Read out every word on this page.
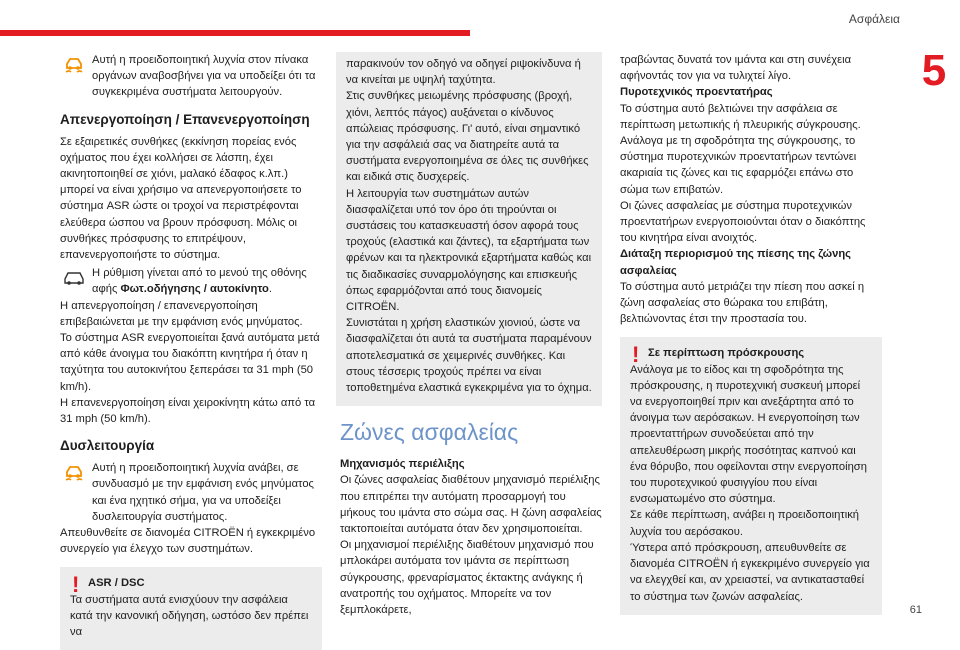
Ασφάλεια
5

Αυτή η προειδοποιητική λυχνία στον πίνακα οργάνων αναβοσβήνει για να υποδείξει ότι τα συγκεκριμένα συστήματα λειτουργούν.

Απενεργοποίηση / Επανενεργοποίηση

Σε εξαιρετικές συνθήκες (εκκίνηση πορείας ενός οχήματος που έχει κολλήσει σε λάσπη, έχει ακινητοποιηθεί σε χιόνι, μαλακό έδαφος κ.λπ.) μπορεί να είναι χρήσιμο να απενεργοποιήσετε το σύστημα ASR ώστε οι τροχοί να περιστρέφονται ελεύθερα ώσπου να βρουν πρόσφυση. Μόλις οι συνθήκες πρόσφυσης το επιτρέψουν, επανενεργοποιήστε το σύστημα.

Η ρύθμιση γίνεται από το μενού της οθόνης αφής Φωτ.οδήγησης / αυτοκίνητο.

Η απενεργοποίηση / επανενεργοποίηση επιβεβαιώνεται με την εμφάνιση ενός μηνύματος.

Το σύστημα ASR ενεργοποιείται ξανά αυτόματα μετά από κάθε άνοιγμα του διακόπτη κινητήρα ή όταν η ταχύτητα του αυτοκινήτου ξεπεράσει τα 31 mph (50 km/h).

Η επανενεργοποίηση είναι χειροκίνητη κάτω από τα 31 mph (50 km/h).

Δυσλειτουργία

Αυτή η προειδοποιητική λυχνία ανάβει, σε συνδυασμό με την εμφάνιση ενός μηνύματος και ένα ηχητικό σήμα, για να υποδείξει δυσλειτουργία συστήματος.

Απευθυνθείτε σε διανομέα CITROËN ή εγκεκριμένο συνεργείο για έλεγχο των συστημάτων.

! ASR / DSC

Τα συστήματα αυτά ενισχύουν την ασφάλεια κατά την κανονική οδήγηση, ωστόσο δεν πρέπει να

παρακινούν τον οδηγό να οδηγεί ριψοκίνδυνα ή να κινείται με υψηλή ταχύτητα.

Στις συνθήκες μειωμένης πρόσφυσης (βροχή, χιόνι, λεπτός πάγος) αυξάνεται ο κίνδυνος απώλειας πρόσφυσης. Γι' αυτό, είναι σημαντικό για την ασφάλειά σας να διατηρείτε αυτά τα συστήματα ενεργοποιημένα σε όλες τις συνθήκες και ειδικά στις δυσχερείς.

Η λειτουργία των συστημάτων αυτών διασφαλίζεται υπό τον όρο ότι τηρούνται οι συστάσεις του κατασκευαστή όσον αφορά τους τροχούς (ελαστικά και ζάντες), τα εξαρτήματα των φρένων και τα ηλεκτρονικά εξαρτήματα καθώς και τις διαδικασίες συναρμολόγησης και επισκευής όπως εφαρμόζονται από τους διανομείς CITROËN.

Συνιστάται η χρήση ελαστικών χιονιού, ώστε να διασφαλίζεται ότι αυτά τα συστήματα παραμένουν αποτελεσματικά σε χειμερινές συνθήκες. Και στους τέσσερις τροχούς πρέπει να είναι τοποθετημένα ελαστικά εγκεκριμένα για το όχημα.

Ζώνες ασφαλείας
Μηχανισμός περιέλιξης

Οι ζώνες ασφαλείας διαθέτουν μηχανισμό περιέλιξης που επιτρέπει την αυτόματη προσαρμογή του μήκους του ιμάντα στο σώμα σας. Η ζώνη ασφαλείας τακτοποιείται αυτόματα όταν δεν χρησιμοποιείται.

Οι μηχανισμοί περιέλιξης διαθέτουν μηχανισμό που μπλοκάρει αυτόματα τον ιμάντα σε περίπτωση σύγκρουσης, φρεναρίσματος έκτακτης ανάγκης ή ανατροπής του οχήματος. Μπορείτε να τον ξεμπλοκάρετε,

τραβώντας δυνατά τον ιμάντα και στη συνέχεια αφήνοντάς τον για να τυλιχτεί λίγο.

Πυροτεχνικός προεντατήρας

Το σύστημα αυτό βελτιώνει την ασφάλεια σε περίπτωση μετωπικής ή πλευρικής σύγκρουσης.

Ανάλογα με τη σφοδρότητα της σύγκρουσης, το σύστημα πυροτεχνικών προεντατήρων τεντώνει ακαριαία τις ζώνες και τις εφαρμόζει επάνω στο σώμα των επιβατών.

Οι ζώνες ασφαλείας με σύστημα πυροτεχνικών προεντατήρων ενεργοποιούνται όταν ο διακόπτης του κινητήρα είναι ανοιχτός.

Διάταξη περιορισμού της πίεσης της ζώνης ασφαλείας

Το σύστημα αυτό μετριάζει την πίεση που ασκεί η ζώνη ασφαλείας στο θώρακα του επιβάτη, βελτιώνοντας έτσι την προστασία του.

! Σε περίπτωση πρόσκρουσης

Ανάλογα με το είδος και τη σφοδρότητα της πρόσκρουσης, η πυροτεχνική συσκευή μπορεί να ενεργοποιηθεί πριν και ανεξάρτητα από το άνοιγμα των αερόσακων. Η ενεργοποίηση των προενταττήρων συνοδεύεται από την απελευθέρωση μικρής ποσότητας καπνού και ένα θόρυβο, που οφείλονται στην ενεργοποίηση του πυροτεχνικού φυσιγγίου που είναι ενσωματωμένο στο σύστημα.

Σε κάθε περίπτωση, ανάβει η προειδοποιητική λυχνία του αερόσακου.

Ύστερα από πρόσκρουση, απευθυνθείτε σε διανομέα CITROËN ή εγκεκριμένο συνεργείο για να ελεγχθεί και, αν χρειαστεί, να αντικατασταθεί το σύστημα των ζωνών ασφαλείας.

61
